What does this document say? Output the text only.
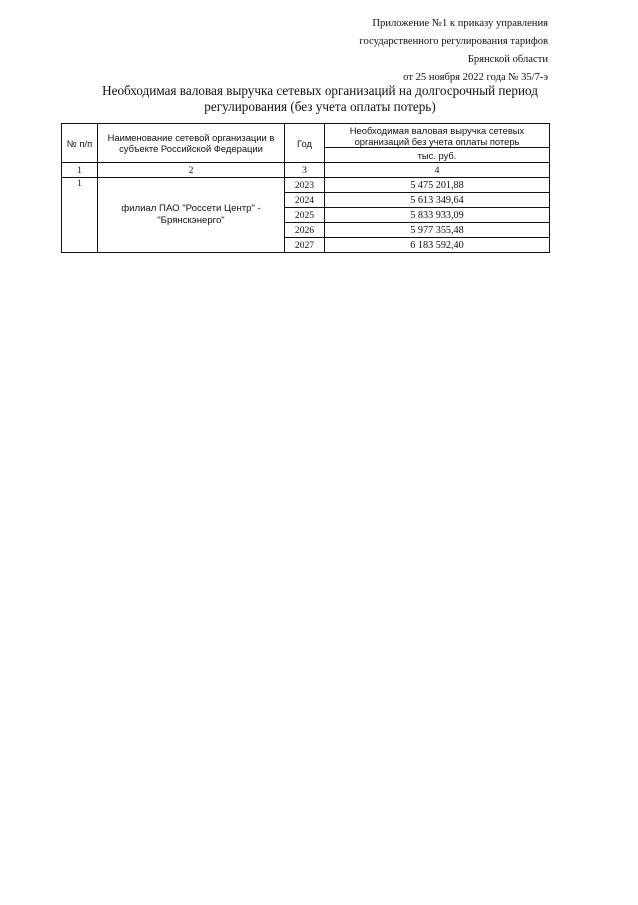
Приложение №1 к приказу управления
государственного регулирования тарифов
Брянской области
от 25 ноября 2022 года № 35/7-э
Необходимая валовая выручка сетевых организаций на долгосрочный период
регулирования (без учета оплаты потерь)
№ п/п	Наименование сетевой организации в субъекте Российской Федерации	Год	Необходимая валовая выручка сетевых организаций без учета оплаты потерь
			тыс. руб.
1	2	3	4
1	филиал ПАО "Россети Центр" - "Брянскэнерго"	2023	5 475 201,88
		2024	5 613 349,64
		2025	5 833 933,09
		2026	5 977 355,48
		2027	6 183 592,40
